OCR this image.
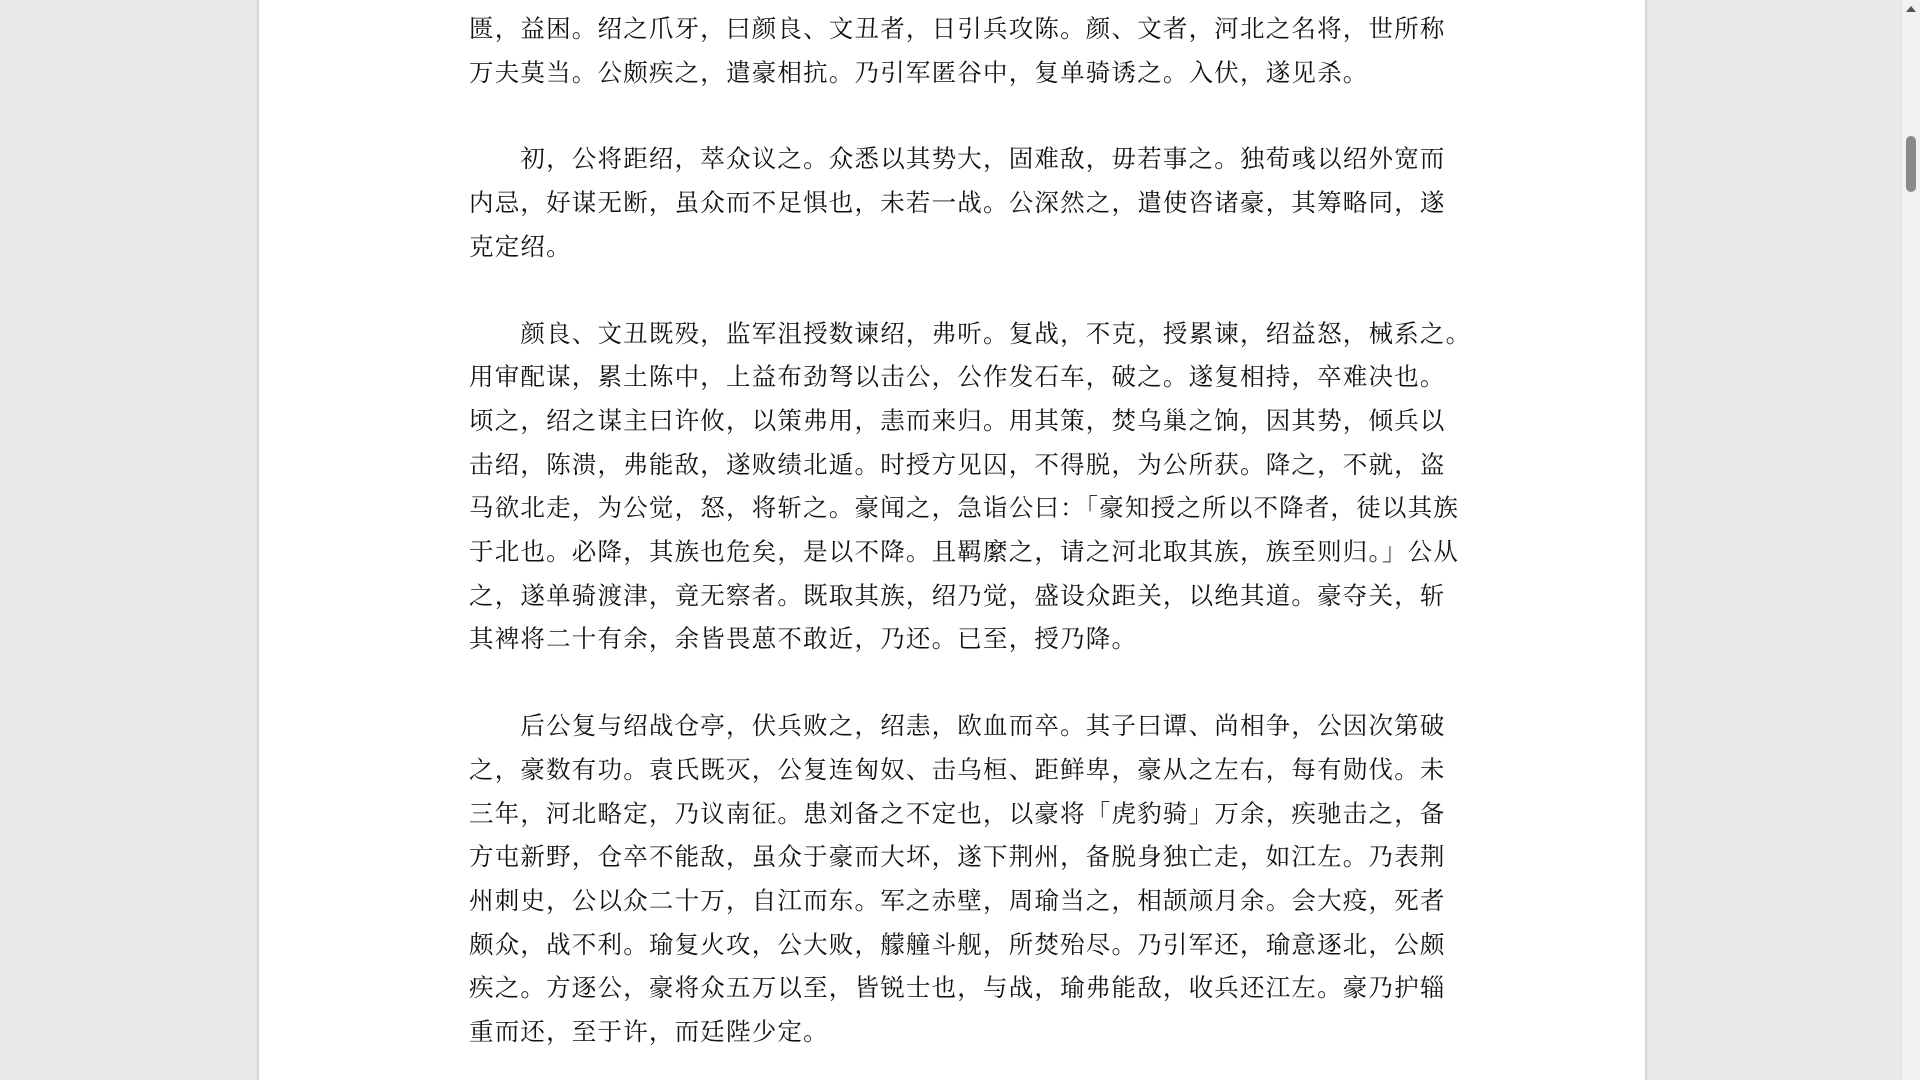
匮，益困。绍之爪牙，曰颜良、文丑者，日引兵攻陈。颜、文者，河北之名将，世所称
万夫莫当。公颇疾之，遣豪相抗。乃引军匿谷中，复单骑诱之。入伏，遂见杀。

　　初，公将距绍，萃众议之。众悉以其势大，固难敌，毋若事之。独荀彧以绍外宽而
内忌，好谋无断，虽众而不足惧也，未若一战。公深然之，遣使咨诸豪，其筹略同，遂
克定绍。

　　颜良、文丑既殁，监军沮授数谏绍，弗听。复战，不克，授累谏，绍益怒，械系之。
用审配谋，累土陈中，上益布劲弩以击公，公作发石车，破之。遂复相持，卒难决也。
顷之，绍之谋主曰许攸，以策弗用，恚而来归。用其策，焚乌巢之饷，因其势，倾兵以
击绍，陈溃，弗能敌，遂败绩北遁。时授方见囚，不得脱，为公所获。降之，不就，盗
马欲北走，为公觉，怒，将斩之。豪闻之，急诣公曰：「豪知授之所以不降者，徒以其族
于北也。必降，其族也危矣，是以不降。且羁縻之，请之河北取其族，族至则归。」公从
之，遂单骑渡津，竟无察者。既取其族，绍乃觉，盛设众距关，以绝其道。豪夺关，斩
其裨将二十有余，余皆畏葸不敢近，乃还。已至，授乃降。

　　后公复与绍战仓亭，伏兵败之，绍恚，欧血而卒。其子曰谭、尚相争，公因次第破
之，豪数有功。袁氏既灭，公复连匈奴、击乌桓、距鲜卑，豪从之左右，每有勋伐。未
三年，河北略定，乃议南征。患刘备之不定也，以豪将「虎豹骑」万余，疾驰击之，备
方屯新野，仓卒不能敌，虽众于豪而大坏，遂下荆州，备脱身独亡走，如江左。乃表荆
州刺史，公以众二十万，自江而东。军之赤壁，周瑜当之，相颉颃月余。会大疫，死者
颇众，战不利。瑜复火攻，公大败，艨艟斗舰，所焚殆尽。乃引军还，瑜意逐北，公颇
疾之。方逐公，豪将众五万以至，皆锐士也，与战，瑜弗能敌，收兵还江左。豪乃护辎
重而还，至于许，而廷陛少定。
